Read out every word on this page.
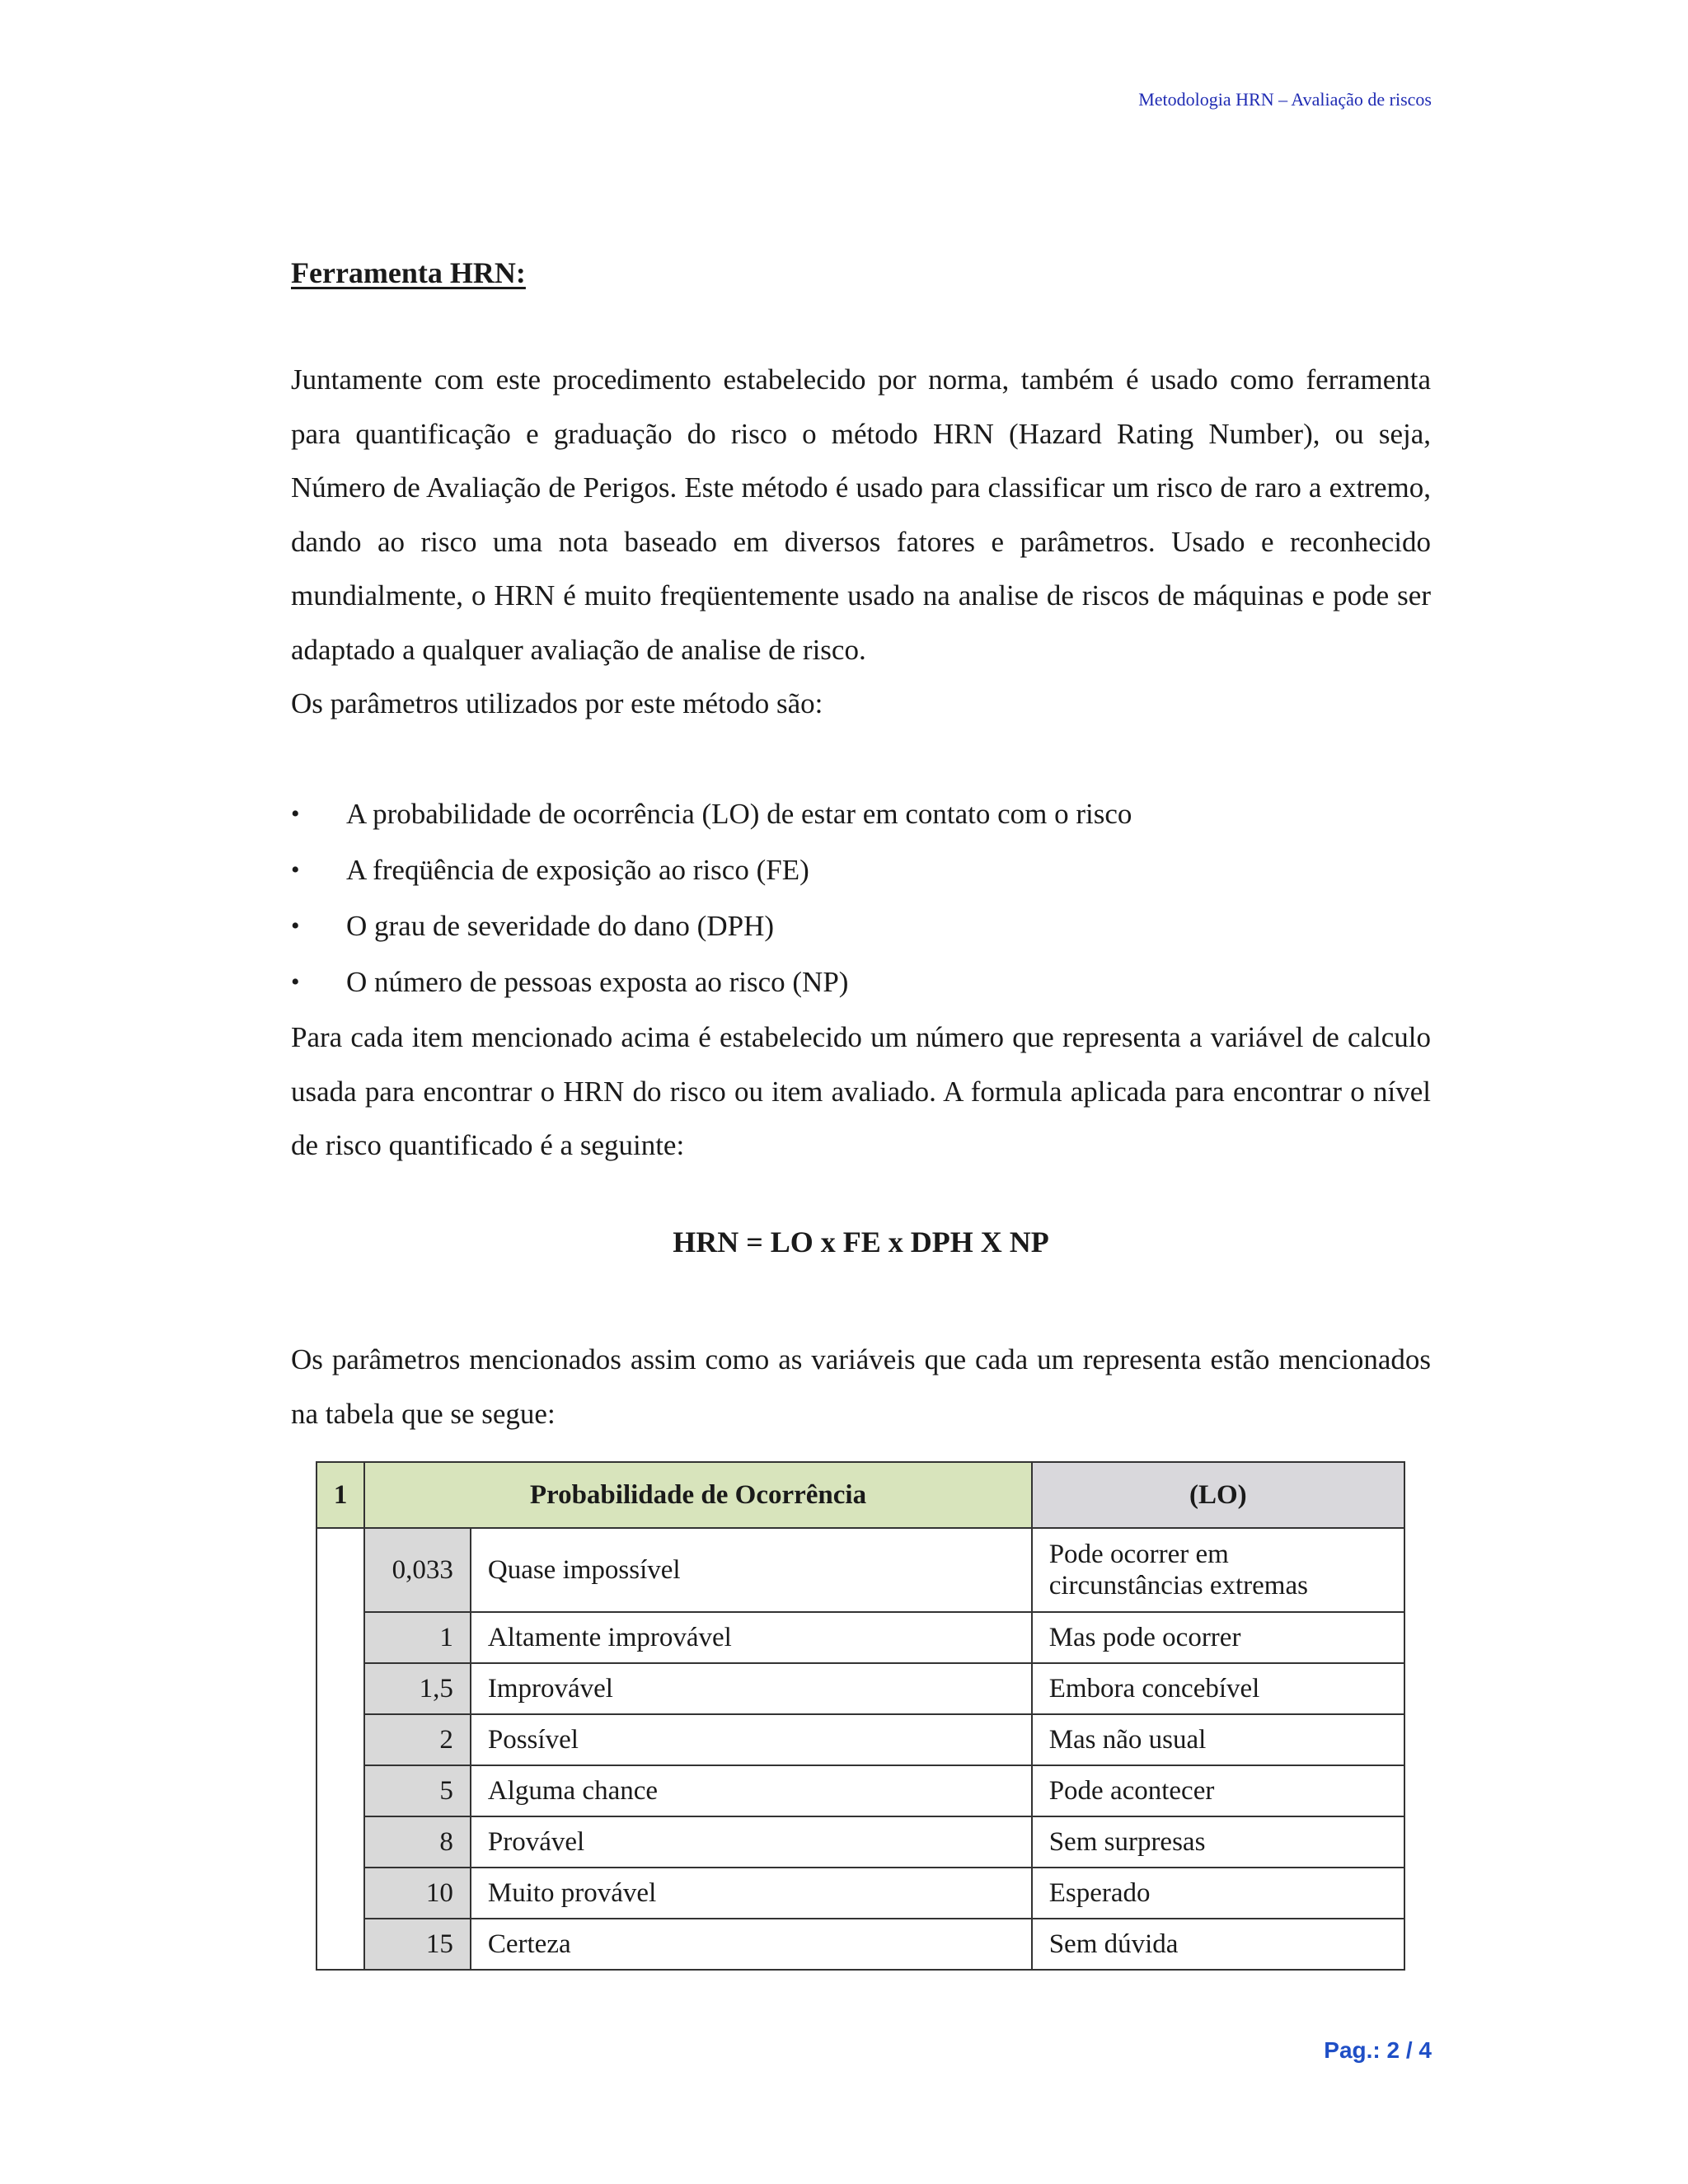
Metodologia HRN – Avaliação de riscos
Ferramenta HRN:

Juntamente com este procedimento estabelecido por norma, também é usado como ferramenta para quantificação e graduação do risco o método HRN (Hazard Rating Number), ou seja, Número de Avaliação de Perigos. Este método é usado para classificar um risco de raro a extremo, dando ao risco uma nota baseado em diversos fatores e parâmetros. Usado e reconhecido mundialmente, o HRN é muito freqüentemente usado na analise de riscos de máquinas e pode ser adaptado a qualquer avaliação de analise de risco.

Os parâmetros utilizados por este método são:

• A probabilidade de ocorrência (LO) de estar em contato com o risco
• A freqüência de exposição ao risco (FE)
• O grau de severidade do dano (DPH)
• O número de pessoas exposta ao risco (NP)
Para cada item mencionado acima é estabelecido um número que representa a variável de calculo usada para encontrar o HRN do risco ou item avaliado. A formula aplicada para encontrar o nível de risco quantificado é a seguinte:
HRN = LO x FE x DPH X NP
Os parâmetros mencionados assim como as variáveis que cada um representa estão mencionados na tabela que se segue:
1	Probabilidade de Ocorrência		(LO)
	0,033	Quase impossível	Pode ocorrer em circunstâncias extremas
	1	Altamente improvável	Mas pode ocorrer
	1,5	Improvável	Embora concebível
	2	Possível	Mas não usual
	5	Alguma chance	Pode acontecer
	8	Provável	Sem surpresas
	10	Muito provável	Esperado
	15	Certeza	Sem dúvida
Pag.: 2 / 4
